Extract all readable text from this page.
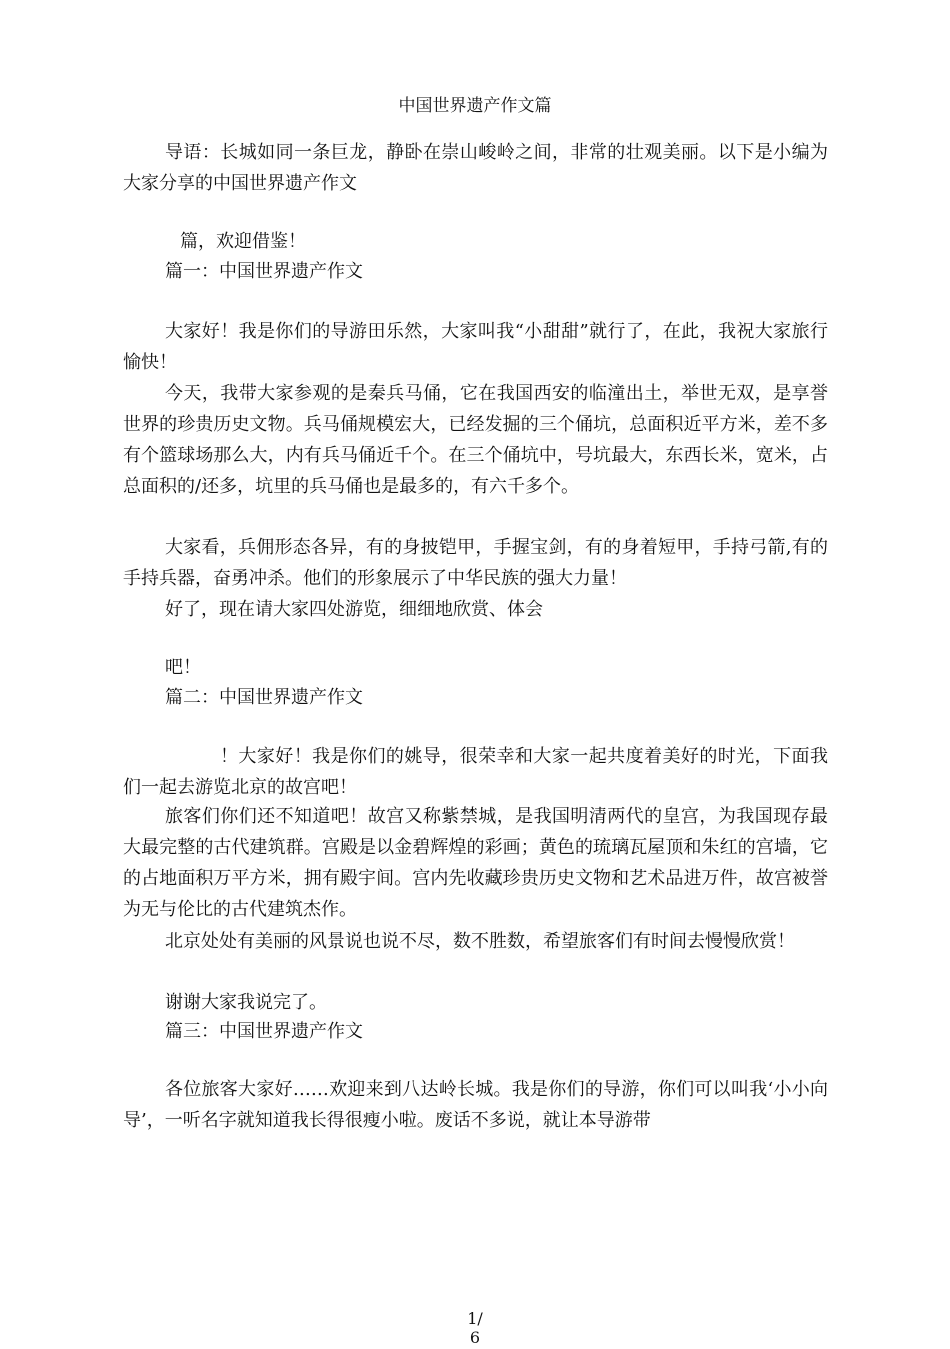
中国世界遗产作文篇

导语：长城如同一条巨龙，静卧在崇山峻岭之间，非常的壮观美丽。以下是小编为大家分享的中国世界遗产作文

篇，欢迎借鉴！

篇一：中国世界遗产作文

大家好！我是你们的导游田乐然，大家叫我“小甜甜”就行了，在此，我祝大家旅行愉快！

今天，我带大家参观的是秦兵马俑，它在我国西安的临潼出土，举世无双，是享誉世界的珍贵历史文物。兵马俑规模宏大，已经发掘的三个俑坑，总面积近平方米，差不多有个篮球场那么大，内有兵马俑近千个。在三个俑坑中，号坑最大，东西长米，宽米，占总面积的/还多，坑里的兵马俑也是最多的，有六千多个。

大家看，兵佣形态各异，有的身披铠甲，手握宝剑，有的身着短甲，手持弓箭,有的手持兵器，奋勇冲杀。他们的形象展示了中华民族的强大力量！

好了，现在请大家四处游览，细细地欣赏、体会

吧！

篇二：中国世界遗产作文

！大家好！我是你们的姚导，很荣幸和大家一起共度着美好的时光，下面我们一起去游览北京的故宫吧！

旅客们你们还不知道吧！故宫又称紫禁城，是我国明清两代的皇宫，为我国现存最大最完整的古代建筑群。宫殿是以金碧辉煌的彩画；黄色的琉璃瓦屋顶和朱红的宫墙，它的占地面积万平方米，拥有殿宇间。宫内先收藏珍贵历史文物和艺术品进万件，故宫被誉为无与伦比的古代建筑杰作。

北京处处有美丽的风景说也说不尽，数不胜数，希望旅客们有时间去慢慢欣赏！

谢谢大家我说完了。

篇三：中国世界遗产作文

各位旅客大家好……欢迎来到八达岭长城。我是你们的导游，你们可以叫我‘小小向导’，一听名字就知道我长得很瘦小啦。废话不多说，就让本导游带

1/
6
